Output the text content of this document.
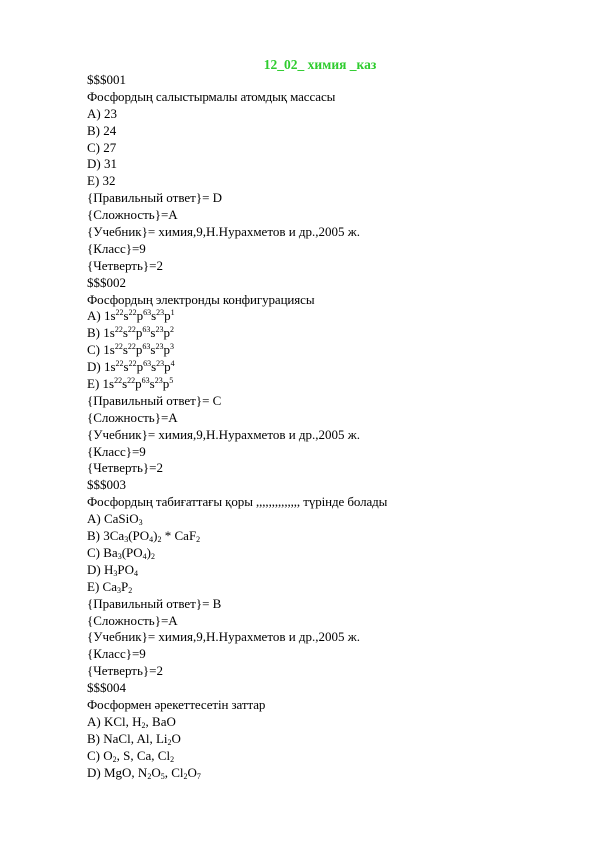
12_02_ химия _каз
$$$001
Фосфордың салыстырмалы атомдық массасы
A) 23
B) 24
C) 27
D) 31
E) 32
{Правильный ответ}= D
{Сложность}=A
{Учебник}= химия,9,Н.Нурахметов и др.,2005 ж.
{Класс}=9
{Четверть}=2
$$$002
Фосфордың электронды конфигурациясы
A) $1s^{22}s^{22}p^{63}s^{23}p^1$
B) $1s^{22}s^{22}p^{63}s^{23}p^2$
C) $1s^{22}s^{22}p^{63}s^{23}p^3$
D) $1s^{22}s^{22}p^{63}s^{23}p^4$
E) $1s^{22}s^{22}p^{63}s^{23}p^5$
{Правильный ответ}= C
{Сложность}=A
{Учебник}= химия,9,Н.Нурахметов и др.,2005 ж.
{Класс}=9
{Четверть}=2
$$$003
Фосфордың табиғаттағы қоры ,,,,,,,,,,,,,, түрінде болады
A) CaSiO$_3$
B) $3Ca_3(PO_4)_2 * CaF_2$
C) $Ba_3(PO_4)_2$
D) $H_3PO_4$
E) $Ca_3P_2$
{Правильный ответ}= B
{Сложность}=A
{Учебник}= химия,9,Н.Нурахметов и др.,2005 ж.
{Класс}=9
{Четверть}=2
$$$004
Фосформен әрекеттесетін заттар
A) KCl, $H_2$, BaO
B) NaCl, Al, $Li_2O$
C) $O_2$, S, Ca, $Cl_2$
D) MgO, $N_2O_5$, $Cl_2O_7$
